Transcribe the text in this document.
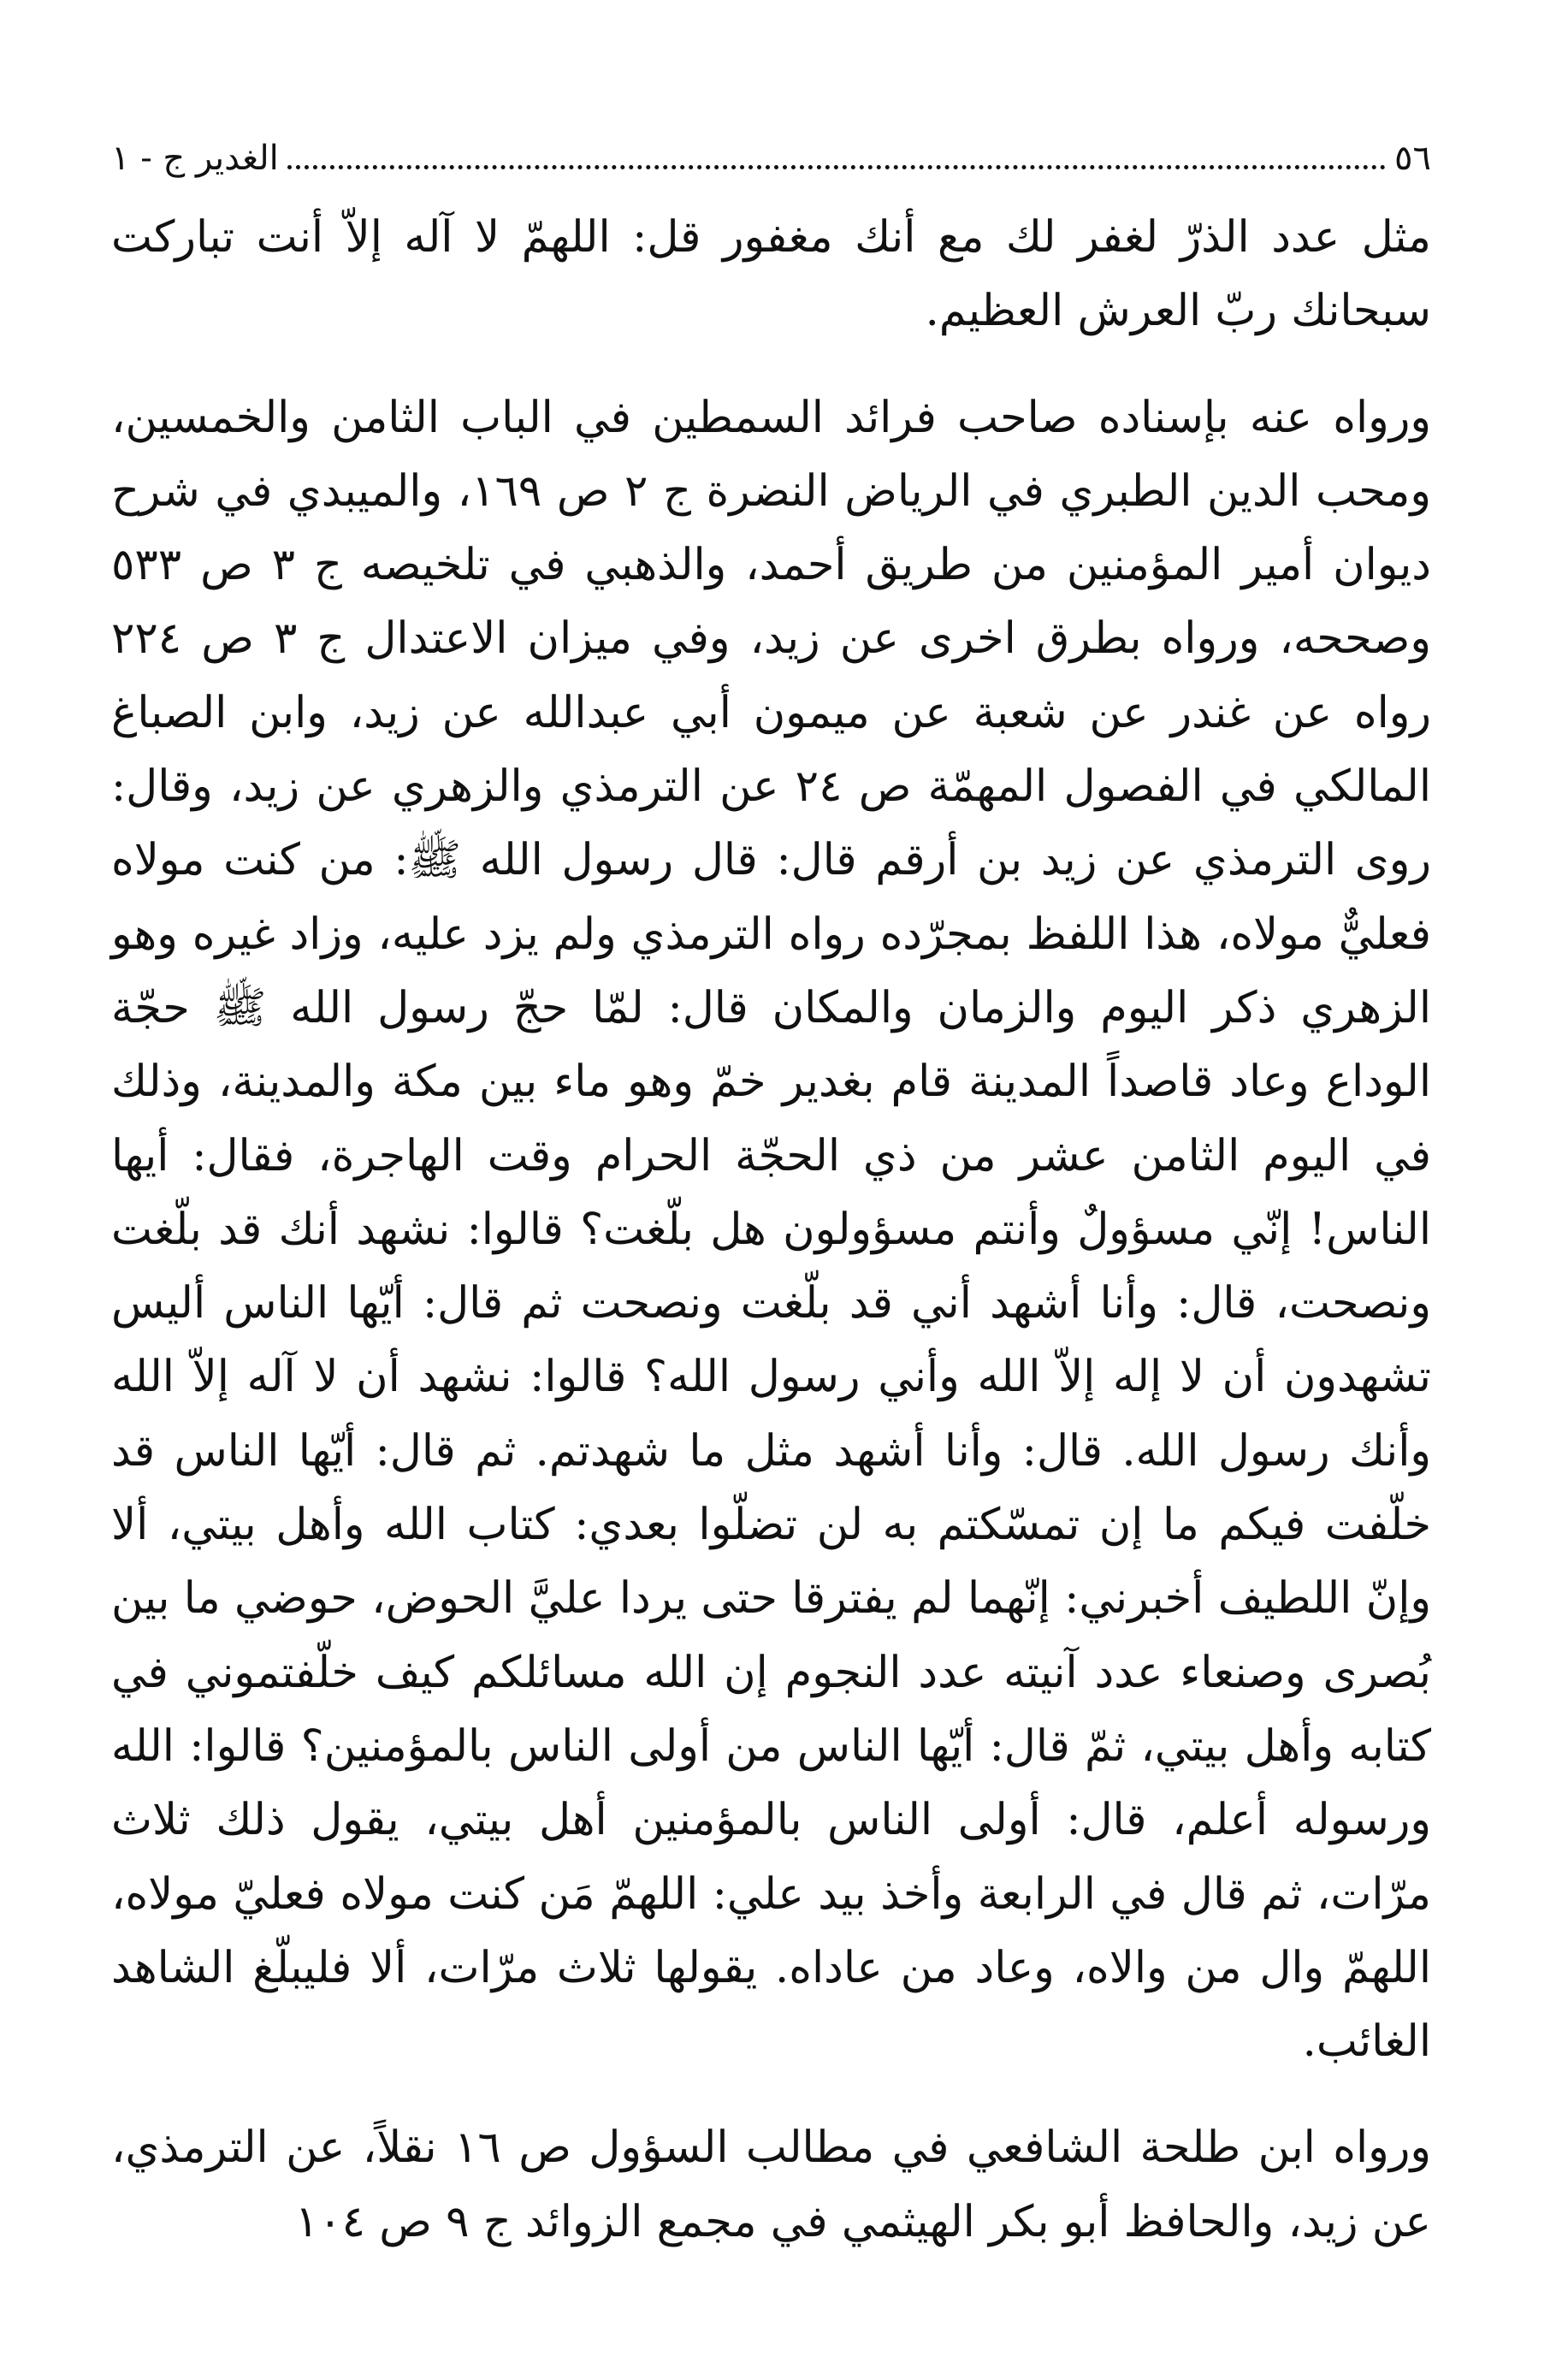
٥٦
الغدير ج - ١

مثل عدد الذرّ لغفر لك مع أنك مغفور قل: اللهمّ لا آله إلاّ أنت تباركت سبحانك ربّ العرش العظيم.

ورواه عنه بإسناده صاحب فرائد السمطين في الباب الثامن والخمسين، ومحب الدين الطبري في الرياض النضرة ج ٢ ص ١٦٩، والميبدي في شرح ديوان أمير المؤمنين من طريق أحمد، والذهبي في تلخيصه ج ٣ ص ٥٣٣ وصححه، ورواه بطرق اخرى عن زيد، وفي ميزان الاعتدال ج ٣ ص ٢٢٤ رواه عن غندر عن شعبة عن ميمون أبي عبدالله عن زيد، وابن الصباغ المالكي في الفصول المهمّة ص ٢٤ عن الترمذي والزهري عن زيد، وقال: روى الترمذي عن زيد بن أرقم قال: قال رسول الله ﷺ: من كنت مولاه فعليٌّ مولاه، هذا اللفظ بمجرّده رواه الترمذي ولم يزد عليه، وزاد غيره وهو الزهري ذكر اليوم والزمان والمكان قال: لمّا حجّ رسول الله ﷺ حجّة الوداع وعاد قاصداً المدينة قام بغدير خمّ وهو ماء بين مكة والمدينة، وذلك في اليوم الثامن عشر من ذي الحجّة الحرام وقت الهاجرة، فقال: أيها الناس! إنّي مسؤولٌ وأنتم مسؤولون هل بلّغت؟ قالوا: نشهد أنك قد بلّغت ونصحت، قال: وأنا أشهد أني قد بلّغت ونصحت ثم قال: أيّها الناس أليس تشهدون أن لا إله إلاّ الله وأني رسول الله؟ قالوا: نشهد أن لا آله إلاّ الله وأنك رسول الله. قال: وأنا أشهد مثل ما شهدتم. ثم قال: أيّها الناس قد خلّفت فيكم ما إن تمسّكتم به لن تضلّوا بعدي: كتاب الله وأهل بيتي، ألا وإنّ اللطيف أخبرني: إنّهما لم يفترقا حتى يردا عليَّ الحوض، حوضي ما بين بُصرى وصنعاء عدد آنيته عدد النجوم إن الله مسائلكم كيف خلّفتموني في كتابه وأهل بيتي، ثمّ قال: أيّها الناس من أولى الناس بالمؤمنين؟ قالوا: الله ورسوله أعلم، قال: أولى الناس بالمؤمنين أهل بيتي، يقول ذلك ثلاث مرّات، ثم قال في الرابعة وأخذ بيد علي: اللهمّ مَن كنت مولاه فعليّ مولاه، اللهمّ وال من والاه، وعاد من عاداه. يقولها ثلاث مرّات، ألا فليبلّغ الشاهد الغائب.

ورواه ابن طلحة الشافعي في مطالب السؤول ص ١٦ نقلاً، عن الترمذي، عن زيد، والحافظ أبو بكر الهيثمي في مجمع الزوائد ج ٩ ص ١٠٤
